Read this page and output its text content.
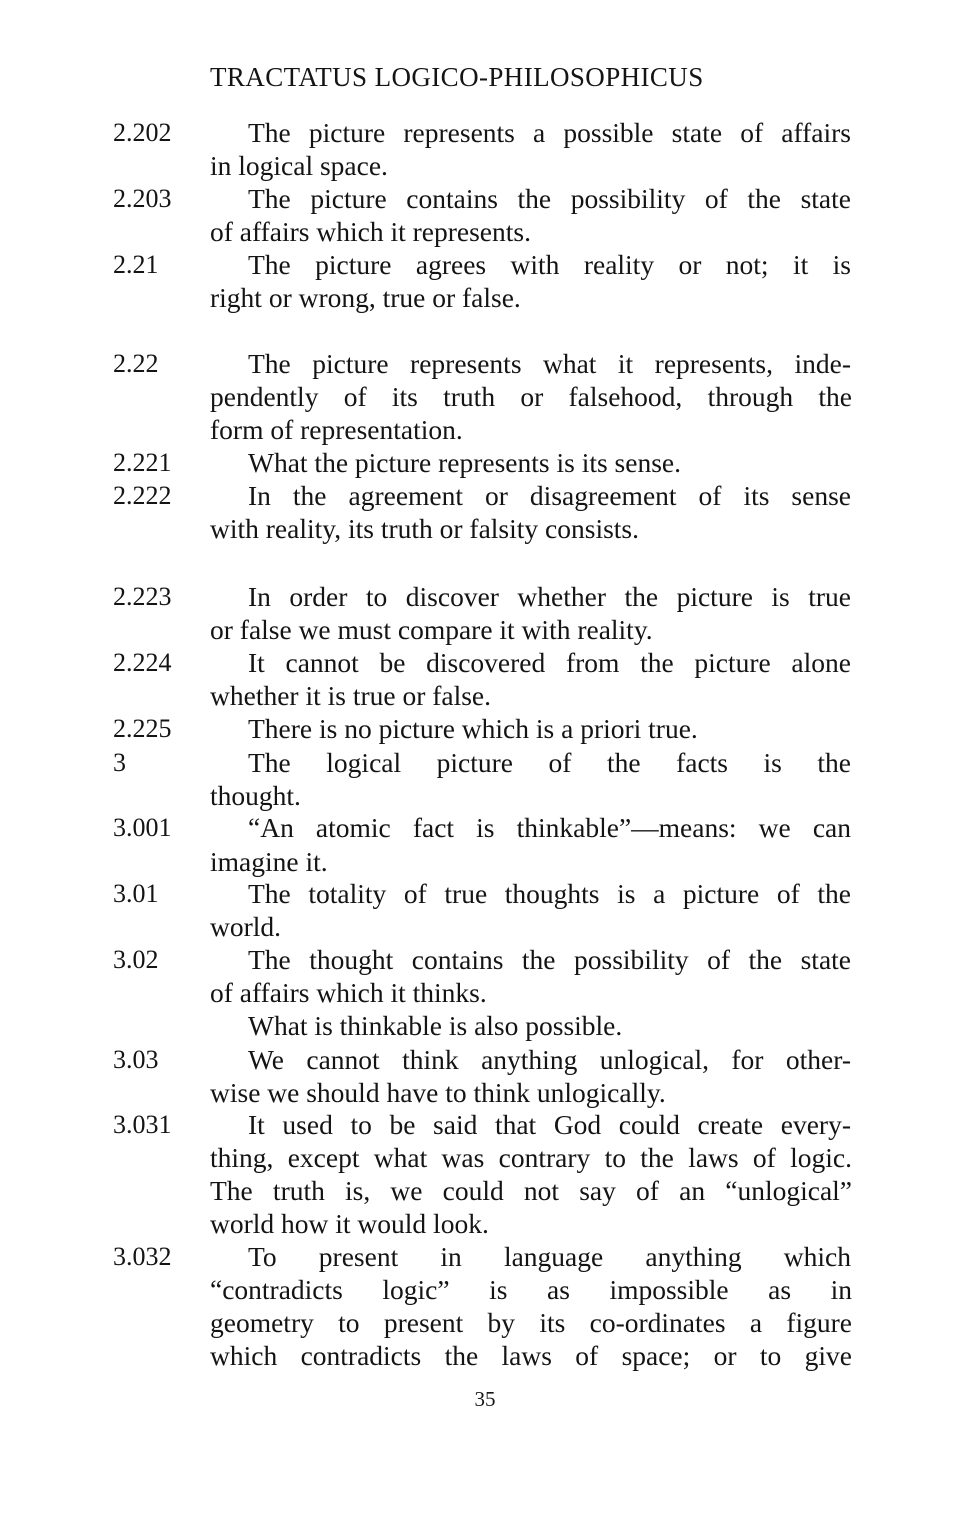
TRACTATUS LOGICO-PHILOSOPHICUS
2.202	The picture represents a possible state of affairs
in logical space.
2.203	The picture contains the possibility of the state
of affairs which it represents.
2.21	The picture agrees with reality or not; it is
right or wrong, true or false.
2.22	The picture represents what it represents, inde-
pendently of its truth or falsehood, through the
form of representation.
2.221	What the picture represents is its sense.
2.222	In the agreement or disagreement of its sense
with reality, its truth or falsity consists.
2.223	In order to discover whether the picture is true
or false we must compare it with reality.
2.224	It cannot be discovered from the picture alone
whether it is true or false.
2.225	There is no picture which is a priori true.
3	The logical picture of the facts is the
thought.
3.001	“An atomic fact is thinkable”—means: we can
imagine it.
3.01	The totality of true thoughts is a picture of the
world.
3.02	The thought contains the possibility of the state
of affairs which it thinks.
What is thinkable is also possible.
3.03	We cannot think anything unlogical, for other-
wise we should have to think unlogically.
3.031	It used to be said that God could create every-
thing, except what was contrary to the laws of logic.
The truth is, we could not say of an “unlogical”
world how it would look.
3.032	To present in language anything which
“contradicts logic” is as impossible as in
geometry to present by its co-ordinates a figure
which contradicts the laws of space; or to give
35
